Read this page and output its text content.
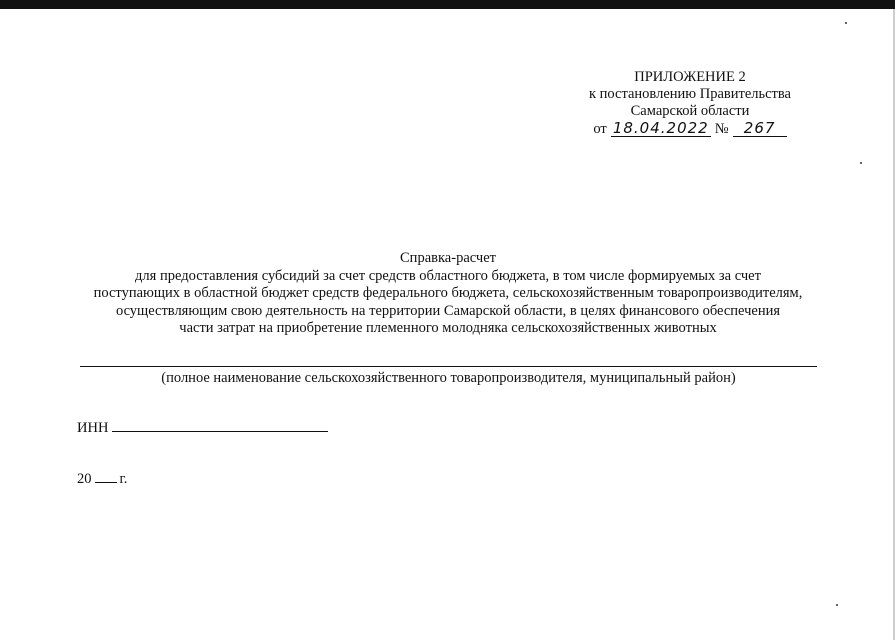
ПРИЛОЖЕНИЕ 2
к постановлению Правительства
Самарской области
от 18.04.2022 №	267
Справка-расчет
для предоставления субсидий за счет средств областного бюджета, в том числе формируемых за счет
поступающих в областной бюджет средств федерального бюджета, сельскохозяйственным товаропроизводителям,
осуществляющим свою деятельность на территории Самарской области, в целях финансового обеспечения
части затрат на приобретение племенного молодняка сельскохозяйственных животных
(полное наименование сельскохозяйственного товаропроизводителя, муниципальный район)
ИНН
20 г.
